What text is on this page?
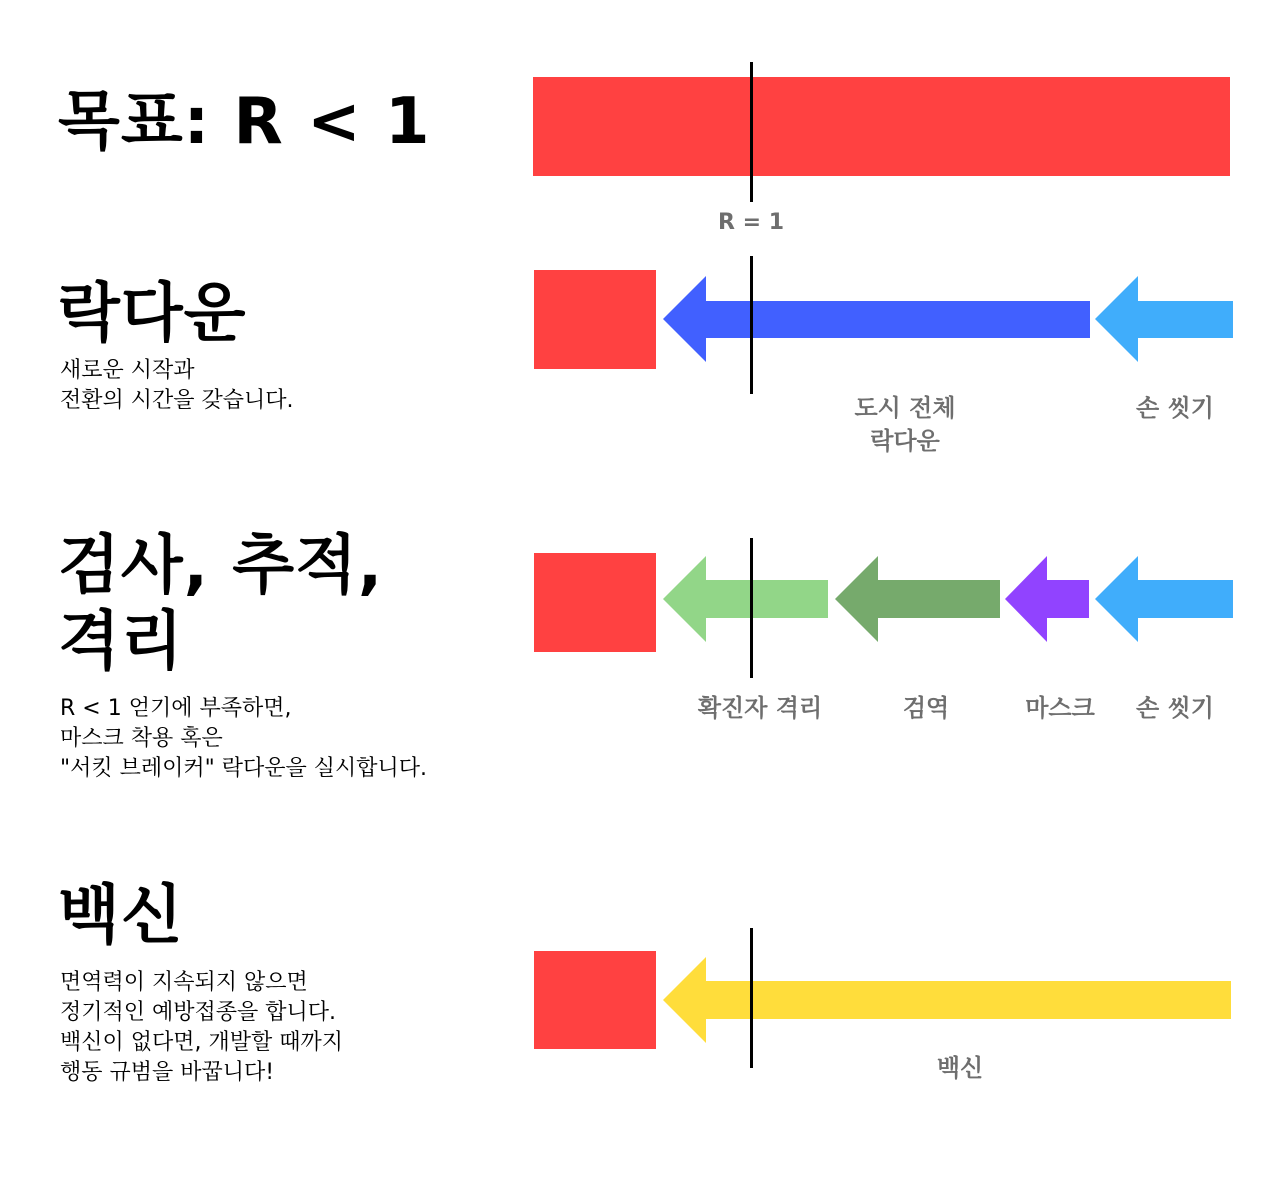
목표: R < 1
락다운
새로운 시작과
전환의 시간을 갖습니다.
검사, 추적,
격리
R < 1 얻기에 부족하면,
마스크 착용 혹은
"서킷 브레이커" 락다운을 실시합니다.
백신
면역력이 지속되지 않으면
정기적인 예방접종을 합니다.
백신이 없다면, 개발할 때까지
행동 규범을 바꿉니다!
R = 1
도시 전체
락다운
손 씻기
확진자 격리	검역	마스크	손 씻기
백신
